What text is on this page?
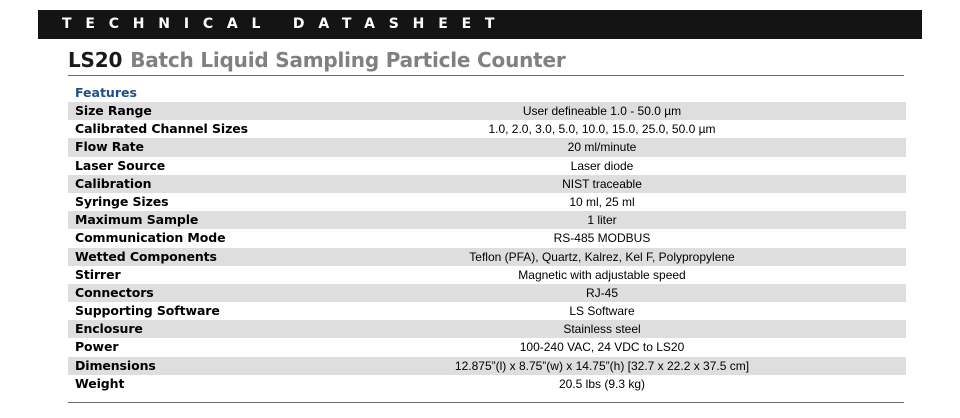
TECHNICAL DATASHEET
LS20 Batch Liquid Sampling Particle Counter
Features
Size Range	User defineable 1.0 - 50.0 µm
Calibrated Channel Sizes	1.0, 2.0, 3.0, 5.0, 10.0, 15.0, 25.0, 50.0 µm
Flow Rate	20 ml/minute
Laser Source	Laser diode
Calibration	NIST traceable
Syringe Sizes	10 ml, 25 ml
Maximum Sample	1 liter
Communication Mode	RS-485 MODBUS
Wetted Components	Teflon (PFA), Quartz, Kalrez, Kel F, Polypropylene
Stirrer	Magnetic with adjustable speed
Connectors	RJ-45
Supporting Software	LS Software
Enclosure	Stainless steel
Power	100-240 VAC, 24 VDC to LS20
Dimensions	12.875”(l) x 8.75”(w) x 14.75”(h) [32.7 x 22.2 x 37.5 cm]
Weight	20.5 lbs (9.3 kg)
